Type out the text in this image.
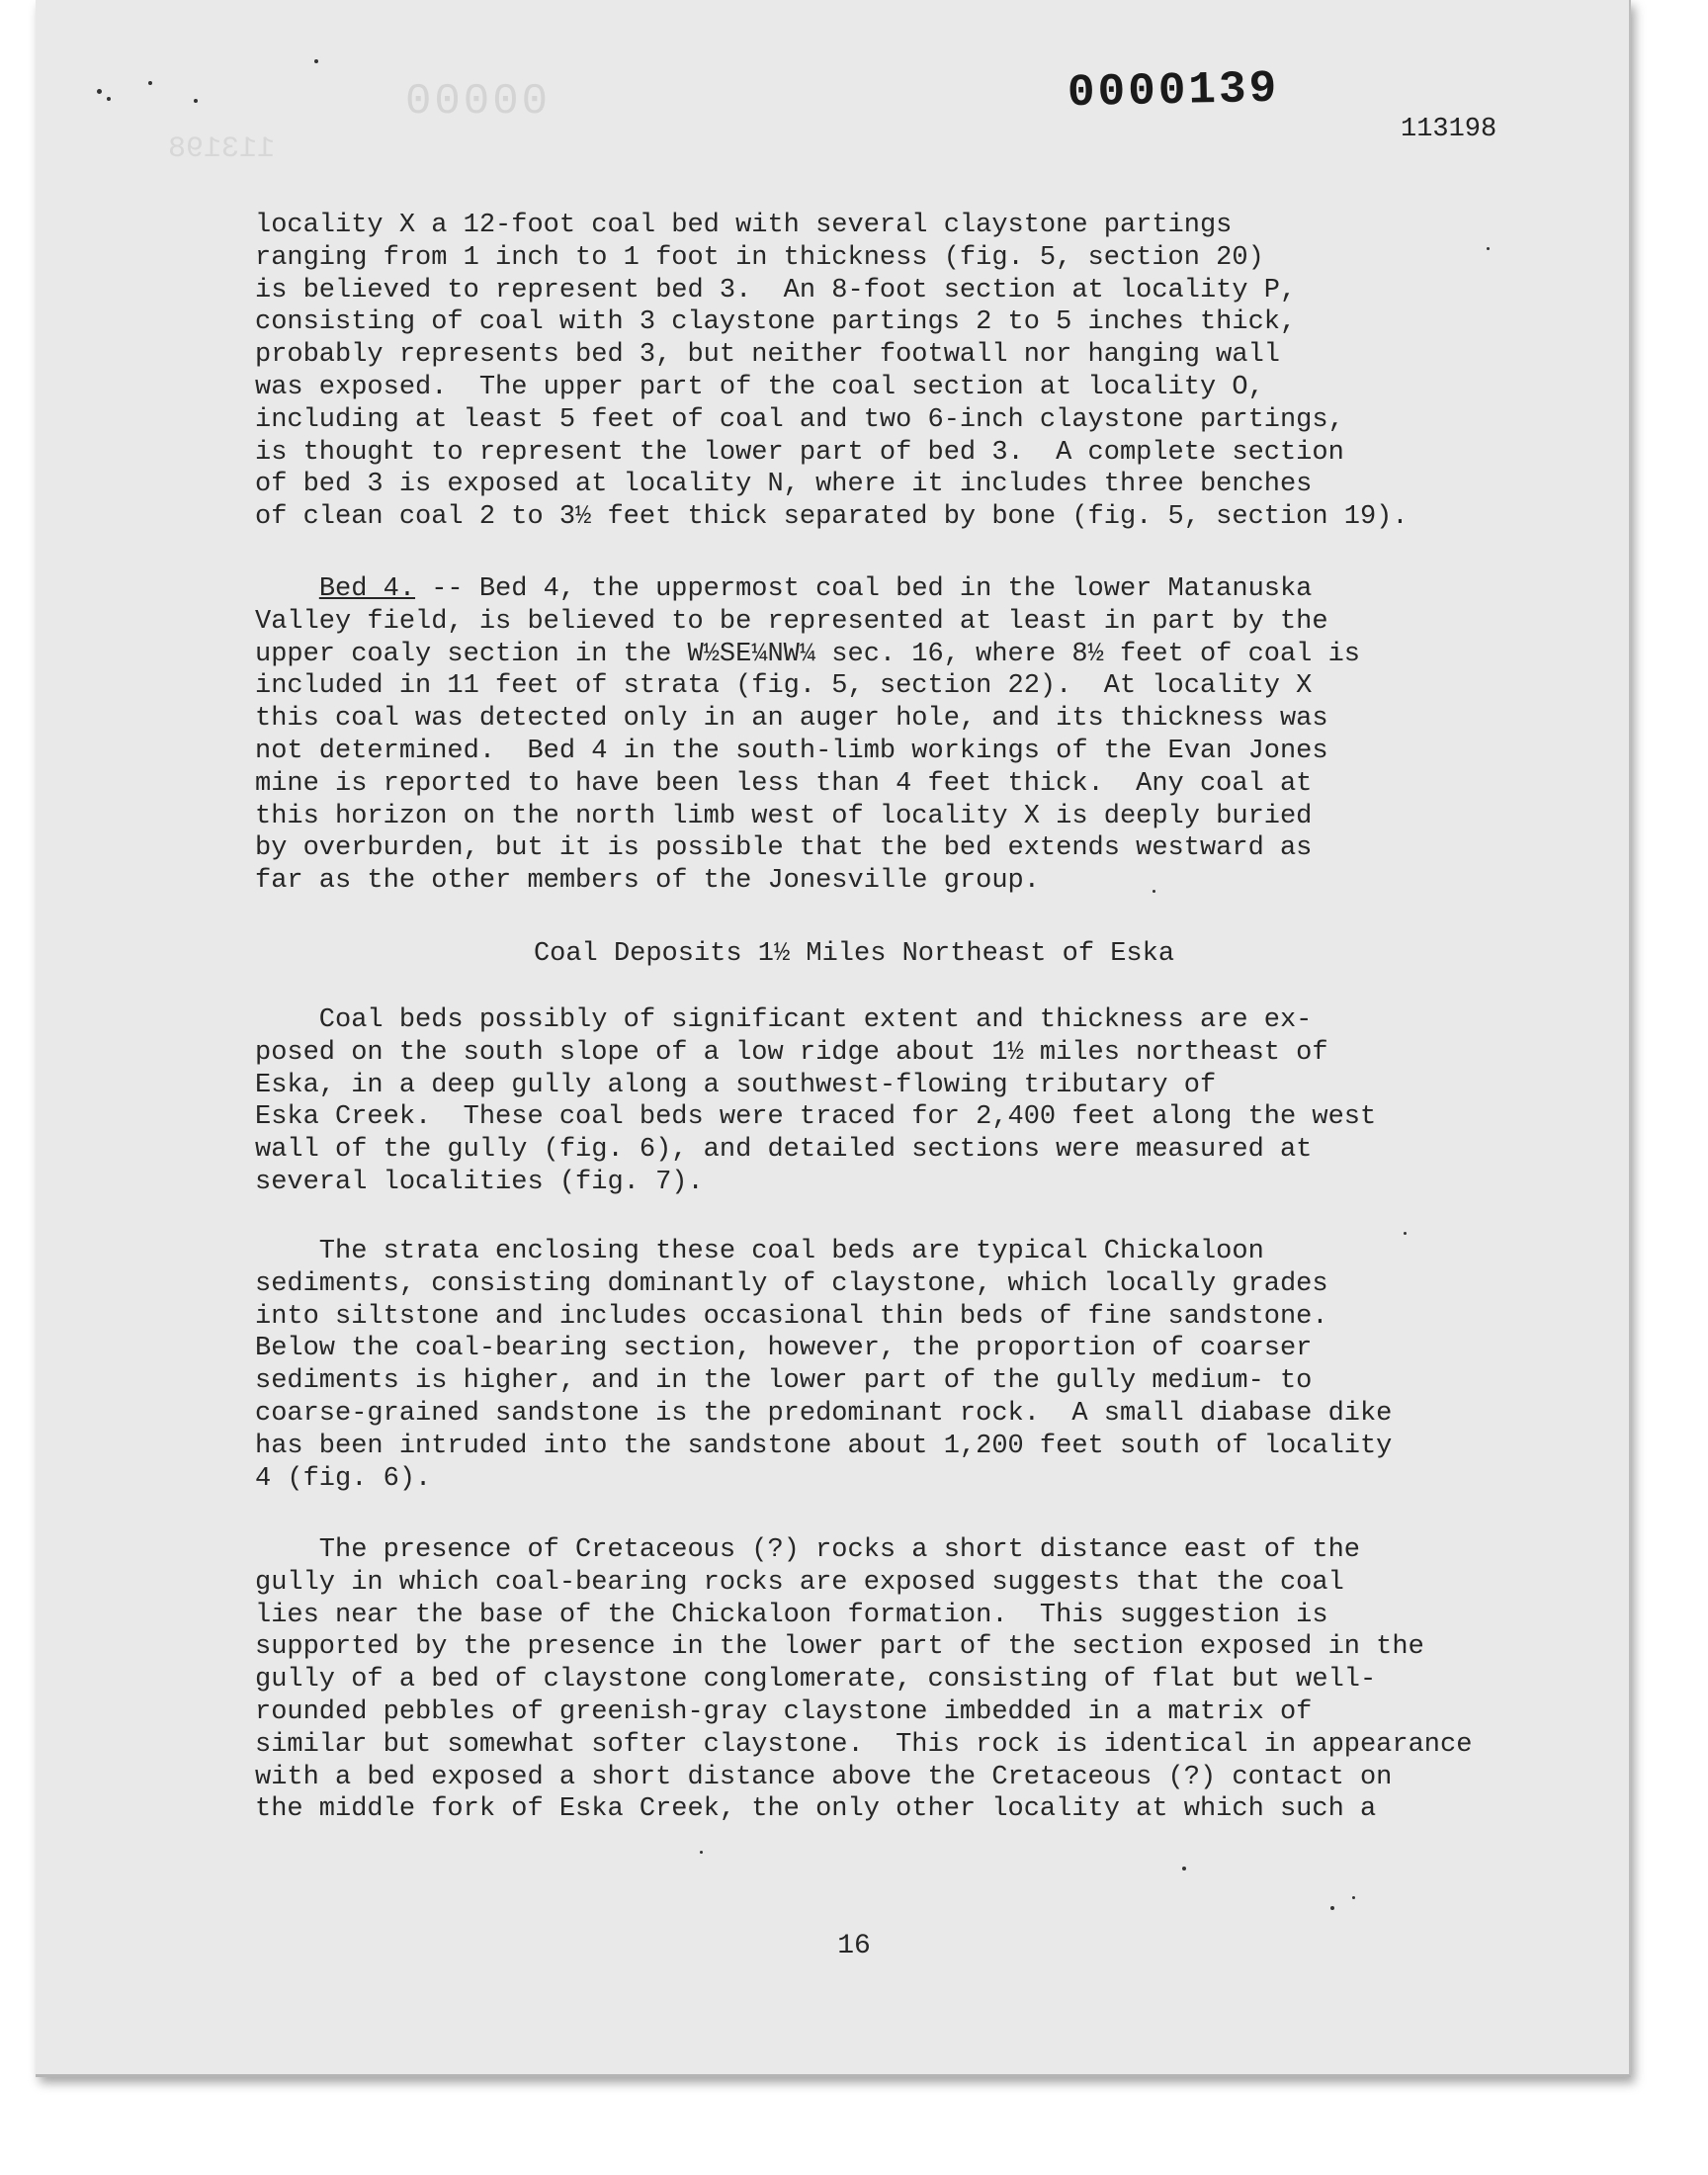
00000
113198
0000139
113198
locality X a 12-foot coal bed with several claystone partings
ranging from 1 inch to 1 foot in thickness (fig. 5, section 20)
is believed to represent bed 3.  An 8-foot section at locality P,
consisting of coal with 3 claystone partings 2 to 5 inches thick,
probably represents bed 3, but neither footwall nor hanging wall
was exposed.  The upper part of the coal section at locality O,
including at least 5 feet of coal and two 6-inch claystone partings,
is thought to represent the lower part of bed 3.  A complete section
of bed 3 is exposed at locality N, where it includes three benches
of clean coal 2 to 3½ feet thick separated by bone (fig. 5, section 19).
Bed 4. -- Bed 4, the uppermost coal bed in the lower Matanuska
Valley field, is believed to be represented at least in part by the
upper coaly section in the W½SE¼NW¼ sec. 16, where 8½ feet of coal is
included in 11 feet of strata (fig. 5, section 22).  At locality X
this coal was detected only in an auger hole, and its thickness was
not determined.  Bed 4 in the south-limb workings of the Evan Jones
mine is reported to have been less than 4 feet thick.  Any coal at
this horizon on the north limb west of locality X is deeply buried
by overburden, but it is possible that the bed extends westward as
far as the other members of the Jonesville group.
Coal Deposits 1½ Miles Northeast of Eska
Coal beds possibly of significant extent and thickness are ex-
posed on the south slope of a low ridge about 1½ miles northeast of
Eska, in a deep gully along a southwest-flowing tributary of
Eska Creek.  These coal beds were traced for 2,400 feet along the west
wall of the gully (fig. 6), and detailed sections were measured at
several localities (fig. 7).
The strata enclosing these coal beds are typical Chickaloon
sediments, consisting dominantly of claystone, which locally grades
into siltstone and includes occasional thin beds of fine sandstone.
Below the coal-bearing section, however, the proportion of coarser
sediments is higher, and in the lower part of the gully medium- to
coarse-grained sandstone is the predominant rock.  A small diabase dike
has been intruded into the sandstone about 1,200 feet south of locality
4 (fig. 6).
The presence of Cretaceous (?) rocks a short distance east of the
gully in which coal-bearing rocks are exposed suggests that the coal
lies near the base of the Chickaloon formation.  This suggestion is
supported by the presence in the lower part of the section exposed in the
gully of a bed of claystone conglomerate, consisting of flat but well-
rounded pebbles of greenish-gray claystone imbedded in a matrix of
similar but somewhat softer claystone.  This rock is identical in appearance
with a bed exposed a short distance above the Cretaceous (?) contact on
the middle fork of Eska Creek, the only other locality at which such a
16
